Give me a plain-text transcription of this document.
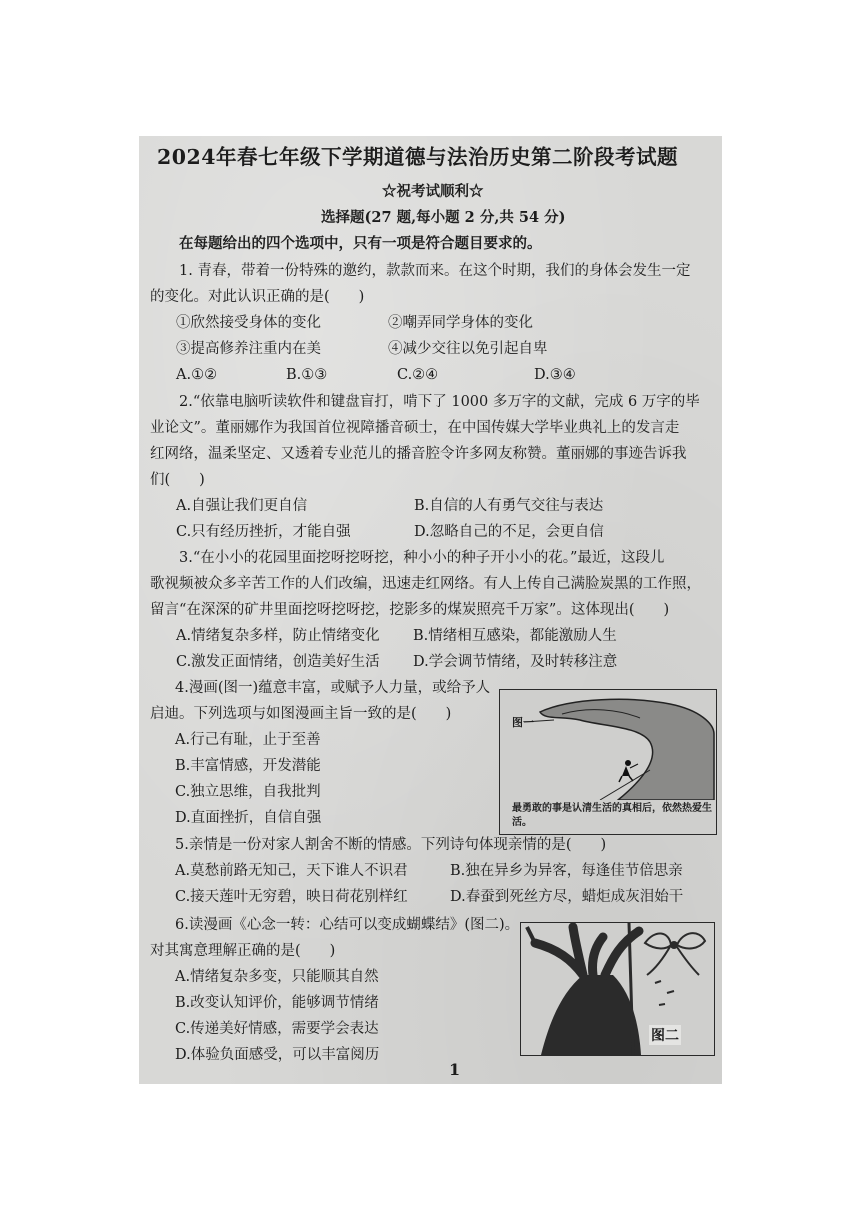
2024年春七年级下学期道德与法治历史第二阶段考试题
☆祝考试顺利☆
选择题(27 题,每小题 2 分,共 54 分)
在每题给出的四个选项中，只有一项是符合题目要求的。
1. 青春，带着一份特殊的邀约，款款而来。在这个时期，我们的身体会发生一定
的变化。对此认识正确的是(　　)
①欣然接受身体的变化	②嘲弄同学身体的变化
③提高修养注重内在美	④减少交往以免引起自卑
A.①②	B.①③	C.②④	D.③④
2.“依靠电脑听读软件和键盘盲打，啃下了 1000 多万字的文献，完成 6 万字的毕
业论文”。董丽娜作为我国首位视障播音硕士，在中国传媒大学毕业典礼上的发言走
红网络，温柔坚定、又透着专业范儿的播音腔令许多网友称赞。董丽娜的事迹告诉我
们(　　)
A.自强让我们更自信	B.自信的人有勇气交往与表达
C.只有经历挫折，才能自强	D.忽略自己的不足，会更自信
3.“在小小的花园里面挖呀挖呀挖，种小小的种子开小小的花。”最近，这段儿
歌视频被众多辛苦工作的人们改编，迅速走红网络。有人上传自己满脸炭黑的工作照，
留言“在深深的矿井里面挖呀挖呀挖，挖影多的煤炭照亮千万家”。这体现出(　　)
A.情绪复杂多样，防止情绪变化 B.情绪相互感染，都能激励人生
C.激发正面情绪，创造美好生活 D.学会调节情绪，及时转移注意
4.漫画(图一)蕴意丰富，或赋予人力量，或给予人
启迪。下列选项与如图漫画主旨一致的是(　　)
A.行己有耻，止于至善
B.丰富情感，开发潜能
C.独立思维，自我批判
D.直面挫折，自信自强
图一
最勇敢的事是认清生活的真相后，依然热爱生活。
5.亲情是一份对家人割舍不断的情感。下列诗句体现亲情的是(　　)
A.莫愁前路无知己，天下谁人不识君	B.独在异乡为异客，每逢佳节倍思亲
C.接天莲叶无穷碧，映日荷花别样红	D.春蚕到死丝方尽，蜡炬成灰泪始干
6.读漫画《心念一转：心结可以变成蝴蝶结》(图二)。
对其寓意理解正确的是(　　)
A.情绪复杂多变，只能顺其自然
B.改变认知评价，能够调节情绪
C.传递美好情感，需要学会表达
D.体验负面感受，可以丰富阅历
图二
1
